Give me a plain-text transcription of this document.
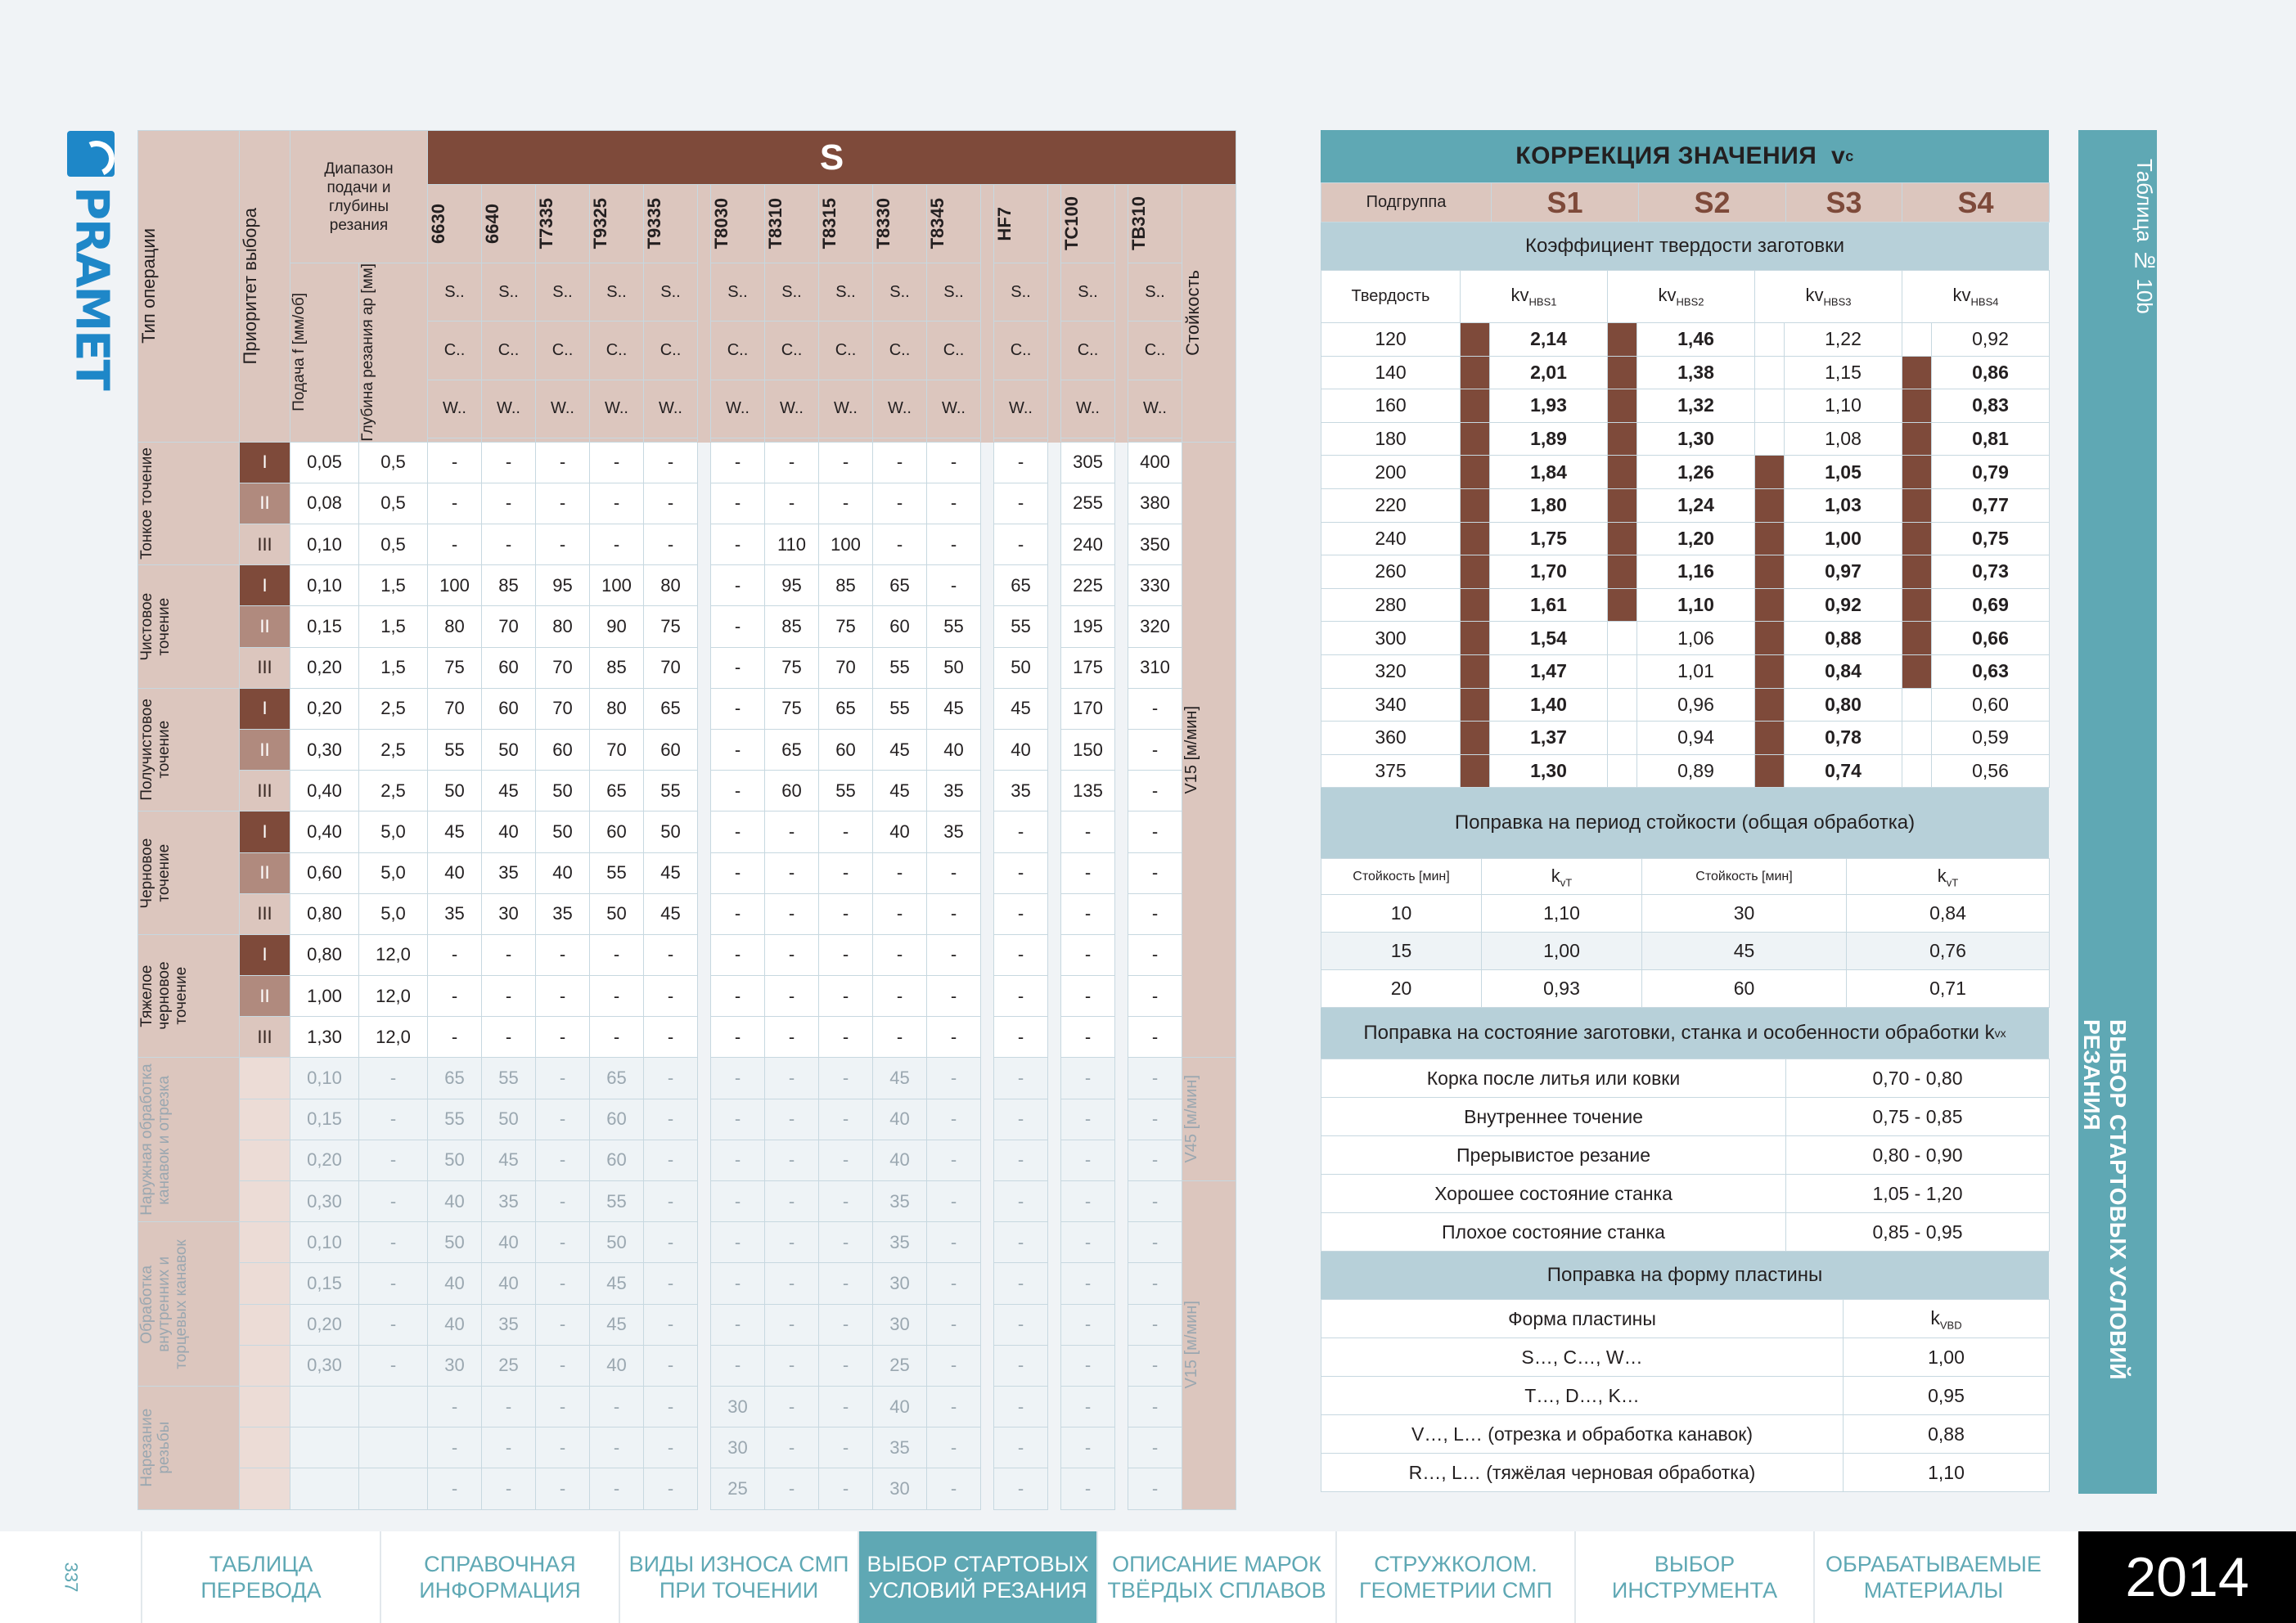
PRAMET Тип операции	Приоритет выбора	Диапазон подачи и глубины резания		S																	

				6630	6640	T7335	T9325	T9335		T8030	T8310	T8315	T8330	T8345		HF7		TC100		TB310	Стойкость

		Подача f [мм/об]	Глубина резания ap [мм]	S..	S..	S..	S..	S..		S..	S..	S..	S..	S..		S..		S..		S..	
				C..	C..	C..	C..	C..		C..	C..	C..	C..	C..		C..		C..		C..	
				W..	W..	W..	W..	W..		W..	W..	W..	W..	W..		W..		W..		W..	

Тонкое точение	I	0,05	0,5	-	-	-	-	-		-	-	-	-	-		-		305		400	V15 [м/мин]

	II	0,08	0,5	-	-	-	-	-		-	-	-	-	-		-		255		380	
	III	0,10	0,5	-	-	-	-	-		-	110	100	-	-		-		240		350	

Чистовое точение	I	0,10	1,5	100	85	95	100	80		-	95	85	65	-		65		225		330	
	II	0,15	1,5	80	70	80	90	75		-	85	75	60	55		55		195		320	
	III	0,20	1,5	75	60	70	85	70		-	75	70	55	50		50		175		310	

Получистовое точение	I	0,20	2,5	70	60	70	80	65		-	75	65	55	45		45		170		-	
	II	0,30	2,5	55	50	60	70	60		-	65	60	45	40		40		150		-	
	III	0,40	2,5	50	45	50	65	55		-	60	55	45	35		35		135		-	

Черновое точение	I	0,40	5,0	45	40	50	60	50		-	-	-	40	35		-		-		-	
	II	0,60	5,0	40	35	40	55	45		-	-	-	-	-		-		-		-	
	III	0,80	5,0	35	30	35	50	45		-	-	-	-	-		-		-		-	

Тяжелое черновое точение	I	0,80	12,0	-	-	-	-	-		-	-	-	-	-		-		-		-	
	II	1,00	12,0	-	-	-	-	-		-	-	-	-	-		-		-		-	
	III	1,30	12,0	-	-	-	-	-		-	-	-	-	-		-		-		-	

Наружная обработка канавок и отрезка		0,10	-	65	55	-	65	-		-	-	-	45	-		-		-		-	V45 [м/мин]

		0,15	-	55	50	-	60	-		-	-	-	40	-		-		-		-	
		0,20	-	50	45	-	60	-		-	-	-	40	-		-		-		-	
		0,30	-	40	35	-	55	-		-	-	-	35	-		-		-		-	V15 [м/мин]

Обработка внутренних и торцевых канавок		0,10	-	50	40	-	50	-		-	-	-	35	-		-		-		-	
		0,15	-	40	40	-	45	-		-	-	-	30	-		-		-		-	
		0,20	-	40	35	-	45	-		-	-	-	30	-		-		-		-	
		0,30	-	30	25	-	40	-		-	-	-	25	-		-		-		-	

Нарезание резьбы				-	-	-	-	-		30	-	-	40	-		-		-		-	
				-	-	-	-	-		30	-	-	35	-		-		-		-	
				-	-	-	-	-		25	-	-	30	-		-		-		-	
КОРРЕКЦИЯ ЗНАЧЕНИЯ
v c
Подгруппа	S1	S2	S3	S4
Коэффициент твердости заготовки
Твердость	$kv_{HBS1}$		$kv_{HBS2}$		$kv_{HBS3}$		$kv_{HBS4}$
120		2,14		1,46		1,22		0,92
140		2,01		1,38		1,15		0,86
160		1,93		1,32		1,10		0,83
180		1,89		1,30		1,08		0,81
200		1,84		1,26		1,05		0,79
220		1,80		1,24		1,03		0,77
240		1,75		1,20		1,00		0,75
260		1,70		1,16		0,97		0,73
280		1,61		1,10		0,92		0,69
300		1,54		1,06		0,88		0,66
320		1,47		1,01		0,84		0,63
340		1,40		0,96		0,80		0,60
360		1,37		0,94		0,78		0,59
375		1,30		0,89		0,74		0,56
Поправка на период стойкости (общая обработка)
Стойкость [мин]	$k_{vT}$	Стойкость [мин]	$k_{vT}$
10	1,10	30	0,84
15	1,00	45	0,76
20	0,93	60	0,71
Поправка на состояние заготовки, станка и особенности обработки
k vx
Корка после литья или ковки	0,70 - 0,80
Внутреннее точение	0,75 - 0,85
Прерывистое резание	0,80 - 0,90
Хорошее состояние станка	1,05 - 1,20
Плохое состояние станка	0,85 - 0,95
Поправка на форму пластины
Форма пластины	$k_{VBD}$
S…, C…, W…	1,00
T…, D…, K…	0,95
V…, L… (отрезка и обработка канавок)	0,88
R…, L… (тяжёлая черновая обработка)	1,10
Таблица № 10b
ВЫБОР СТАРТОВЫХ УСЛОВИЙ РЕЗАНИЯ
337	ТАБЛИЦА
ПЕРЕВОДА
СПРАВОЧНАЯ
ИНФОРМАЦИЯ
ВИДЫ ИЗНОСА СМП
ПРИ ТОЧЕНИИ
ВЫБОР СТАРТОВЫХ
УСЛОВИЙ РЕЗАНИЯ
ОПИСАНИЕ МАРОК
ТВЁРДЫХ СПЛАВОВ
СТРУЖКОЛОМ.
ГЕОМЕТРИИ СМП
ВЫБОР
ИНСТРУМЕНТА
ОБРАБАТЫВАЕМЫЕ
МАТЕРИАЛЫ	2014
